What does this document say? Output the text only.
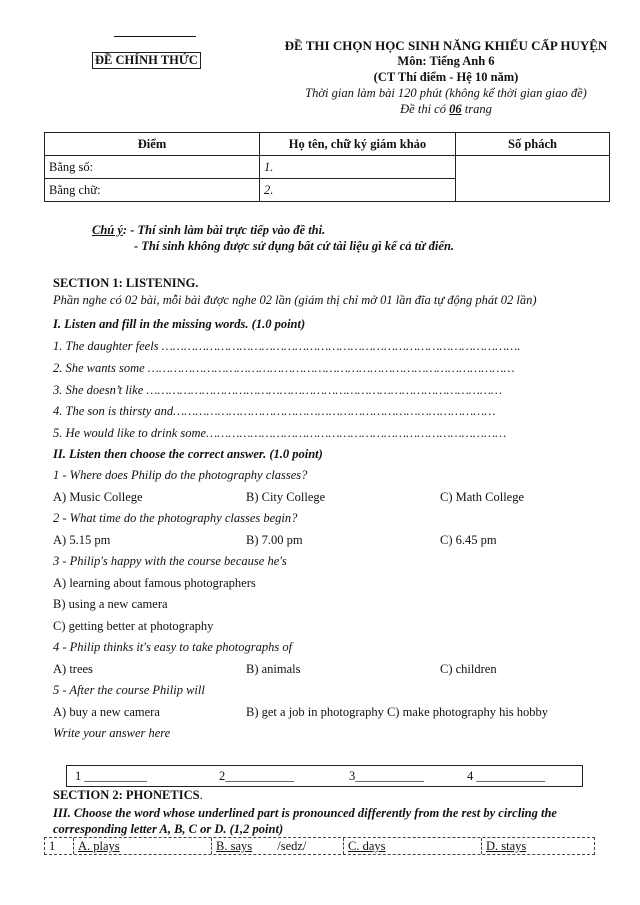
ĐỀ CHÍNH THỨC
ĐỀ THI CHỌN HỌC SINH NĂNG KHIẾU CẤP HUYỆN
Môn: Tiếng Anh 6
(CT Thí điểm - Hệ 10 năm)
Thời gian làm bài 120 phút (không kể thời gian giao đề)
Đề thi có 06 trang
Điểm	Họ tên, chữ ký giám khảo	Số phách
Bằng số:	1.	
Bằng chữ:	2.	
Chú ý: - Thí sinh làm bài trực tiếp vào đề thi.
- Thí sinh không được sử dụng bất cứ tài liệu gì kể cả từ điển.
SECTION 1: LISTENING.
Phần nghe có 02 bài, mỗi bài được nghe 02 lần (giám thị chỉ mở 01 lần đĩa tự động phát 02 lần)
I. Listen and fill in the missing words. (1.0 point)
1. The daughter feels …………………………………………………………………………………….
2. She wants some ………………………………………………………………………………………
3. She doesn’t like ……………………………………………………………………………………
4. The son is thirsty and……………………………………………………………………………
5. He would like to drink some………………………………………………………………………
II. Listen then choose the correct answer. (1.0 point)
1 - Where does Philip do the photography classes?
A) Music College	B) City College	C) Math College
2 - What time do the photography classes begin?
A) 5.15 pm	B) 7.00 pm	C) 6.45 pm
3 - Philip's happy with the course because he's
A) learning about famous photographers
B) using a new camera
C) getting better at photography
4 - Philip thinks it's easy to take photographs of
A) trees	B) animals	C) children
5 - After the course Philip will
A) buy a new camera	B) get a job in photography C) make photography his hobby
Write your answer here
1 __________	2___________	3___________	4 ___________
SECTION 2: PHONETICS.
III. Choose the word whose underlined part is pronounced differently from the rest by circling the corresponding letter A, B, C or D. (1,2 point)
1	A. plays	B. says /sedz/	C. days	D. stays
